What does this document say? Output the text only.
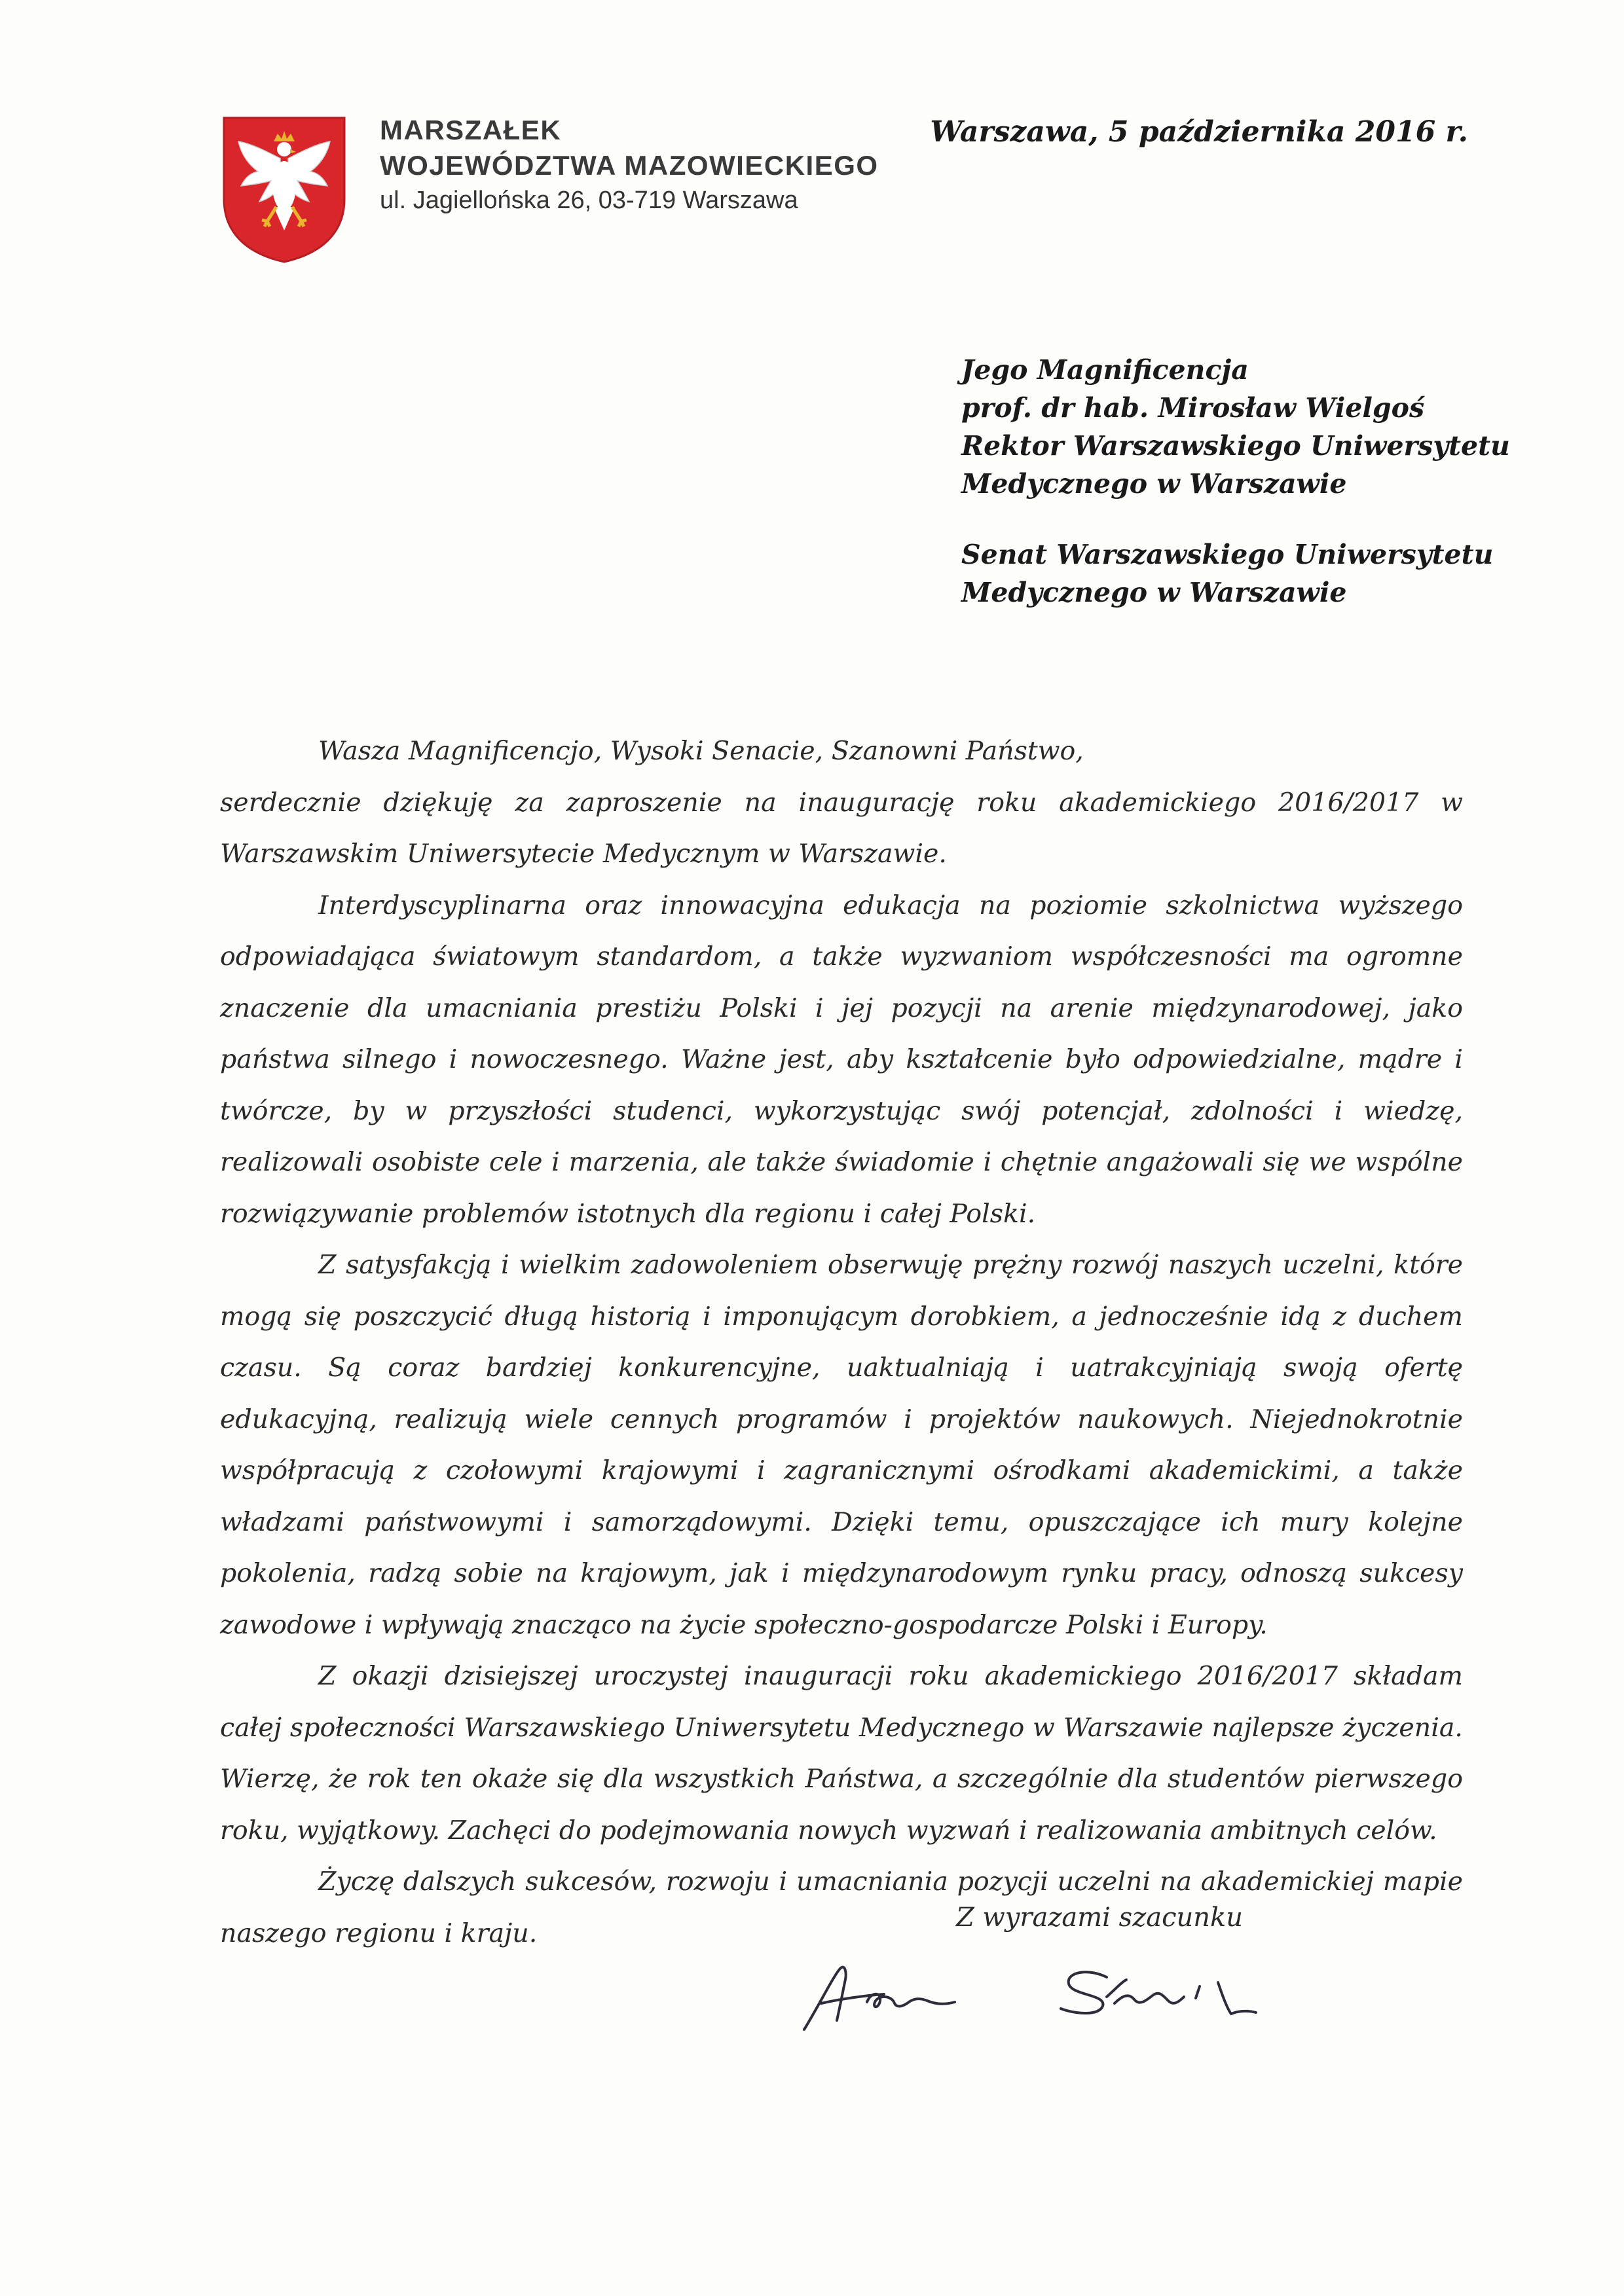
MARSZAŁEK
WOJEWÓDZTWA MAZOWIECKIEGO
ul. Jagiellońska 26, 03-719 Warszawa
Warszawa, 5 października 2016 r.
Jego Magnificencja
prof. dr hab. Mirosław Wielgoś
Rektor Warszawskiego Uniwersytetu
Medycznego w Warszawie
Senat Warszawskiego Uniwersytetu
Medycznego w Warszawie

Wasza Magnificencjo, Wysoki Senacie, Szanowni Państwo,

serdecznie dziękuję za zaproszenie na inaugurację roku akademickiego 2016/2017 w Warszawskim Uniwersytecie Medycznym w Warszawie.

Interdyscyplinarna oraz innowacyjna edukacja na poziomie szkolnictwa wyższego odpowiadająca światowym standardom, a także wyzwaniom współczesności ma ogromne znaczenie dla umacniania prestiżu Polski i jej pozycji na arenie międzynarodowej, jako państwa silnego i nowoczesnego. Ważne jest, aby kształcenie było odpowiedzialne, mądre i twórcze, by w przyszłości studenci, wykorzystując swój potencjał, zdolności i wiedzę, realizowali osobiste cele i marzenia, ale także świadomie i chętnie angażowali się we wspólne rozwiązywanie problemów istotnych dla regionu i całej Polski.

Z satysfakcją i wielkim zadowoleniem obserwuję prężny rozwój naszych uczelni, które mogą się poszczycić długą historią i imponującym dorobkiem, a jednocześnie idą z duchem czasu. Są coraz bardziej konkurencyjne, uaktualniają i uatrakcyjniają swoją ofertę edukacyjną, realizują wiele cennych programów i projektów naukowych. Niejednokrotnie współpracują z czołowymi krajowymi i zagranicznymi ośrodkami akademickimi, a także władzami państwowymi i samorządowymi. Dzięki temu, opuszczające ich mury kolejne pokolenia, radzą sobie na krajowym, jak i międzynarodowym rynku pracy, odnoszą sukcesy zawodowe i wpływają znacząco na życie społeczno-gospodarcze Polski i Europy.

Z okazji dzisiejszej uroczystej inauguracji roku akademickiego 2016/2017 składam całej społeczności Warszawskiego Uniwersytetu Medycznego w Warszawie najlepsze życzenia. Wierzę, że rok ten okaże się dla wszystkich Państwa, a szczególnie dla studentów pierwszego roku, wyjątkowy. Zachęci do podejmowania nowych wyzwań i realizowania ambitnych celów.

Życzę dalszych sukcesów, rozwoju i umacniania pozycji uczelni na akademickiej mapie naszego regionu i kraju.

Z wyrazami szacunku
